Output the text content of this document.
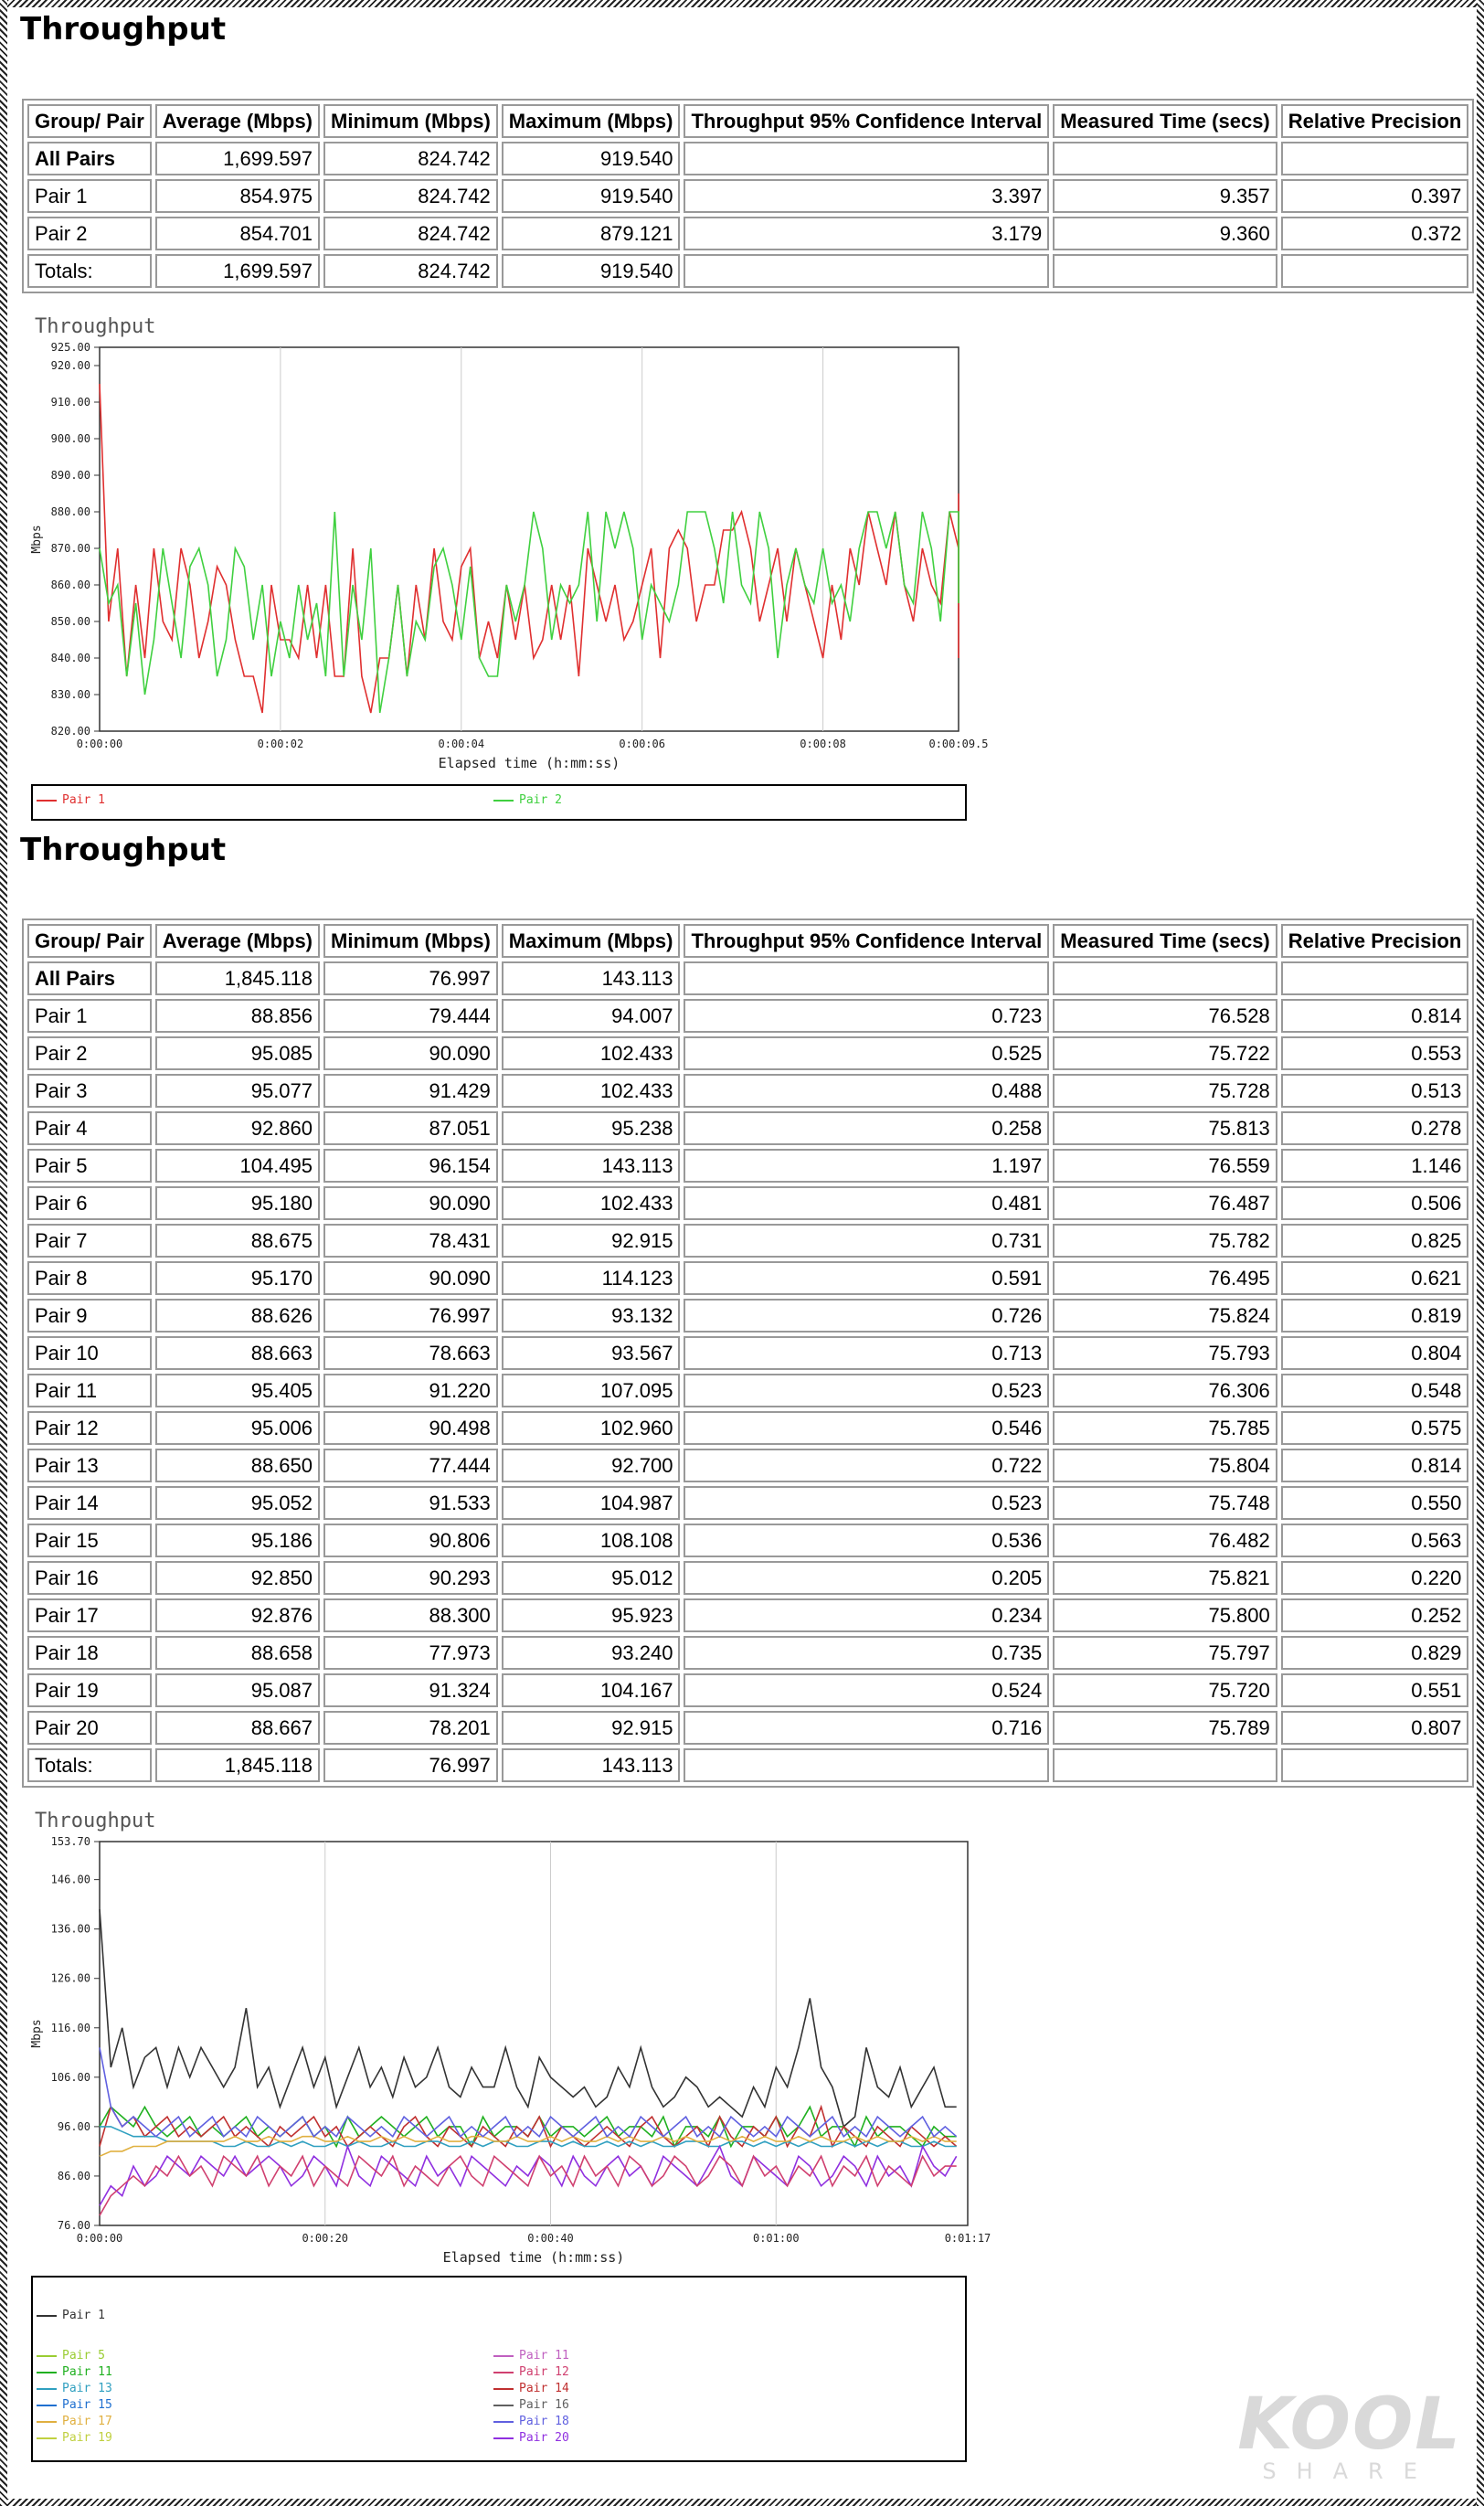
Throughput
Group/ Pair	Average (Mbps)	Minimum (Mbps)	Maximum (Mbps)	Throughput 95% Confidence Interval	Measured Time (secs)	Relative Precision
All Pairs	1,699.597	824.742	919.540			
Pair 1	854.975	824.742	919.540	3.397	9.357	0.397
Pair 2	854.701	824.742	879.121	3.179	9.360	0.372
Totals:	1,699.597	824.742	919.540			
Throughput
0:00:00	0:00:02	0:00:04	0:00:06	0:00:08	0:00:09.5
820.00
830.00
840.00
850.00
860.00
870.00
880.00
890.00
900.00
910.00
920.00
925.00
Mbps
Elapsed time (h:mm:ss)
Pair 1	Pair 2
Throughput
Group/ Pair	Average (Mbps)	Minimum (Mbps)	Maximum (Mbps)	Throughput 95% Confidence Interval	Measured Time (secs)	Relative Precision
All Pairs	1,845.118	76.997	143.113			
Pair 1	88.856	79.444	94.007	0.723	76.528	0.814
Pair 2	95.085	90.090	102.433	0.525	75.722	0.553
Pair 3	95.077	91.429	102.433	0.488	75.728	0.513
Pair 4	92.860	87.051	95.238	0.258	75.813	0.278
Pair 5	104.495	96.154	143.113	1.197	76.559	1.146
Pair 6	95.180	90.090	102.433	0.481	76.487	0.506
Pair 7	88.675	78.431	92.915	0.731	75.782	0.825
Pair 8	95.170	90.090	114.123	0.591	76.495	0.621
Pair 9	88.626	76.997	93.132	0.726	75.824	0.819
Pair 10	88.663	78.663	93.567	0.713	75.793	0.804
Pair 11	95.405	91.220	107.095	0.523	76.306	0.548
Pair 12	95.006	90.498	102.960	0.546	75.785	0.575
Pair 13	88.650	77.444	92.700	0.722	75.804	0.814
Pair 14	95.052	91.533	104.987	0.523	75.748	0.550
Pair 15	95.186	90.806	108.108	0.536	76.482	0.563
Pair 16	92.850	90.293	95.012	0.205	75.821	0.220
Pair 17	92.876	88.300	95.923	0.234	75.800	0.252
Pair 18	88.658	77.973	93.240	0.735	75.797	0.829
Pair 19	95.087	91.324	104.167	0.524	75.720	0.551
Pair 20	88.667	78.201	92.915	0.716	75.789	0.807
Totals:	1,845.118	76.997	143.113			
Throughput
0:00:00	0:00:20	0:00:40	0:01:00	0:01:17
76.00
86.00
96.00
106.00
116.00
126.00
136.00
146.00
153.70
Mbps
Elapsed time (h:mm:ss)
Pair 1
Pair 5
Pair 11
Pair 13
Pair 15
Pair 17
Pair 19
Pair 11
Pair 12
Pair 14
Pair 16
Pair 18
Pair 20	KOOL
SHARE
